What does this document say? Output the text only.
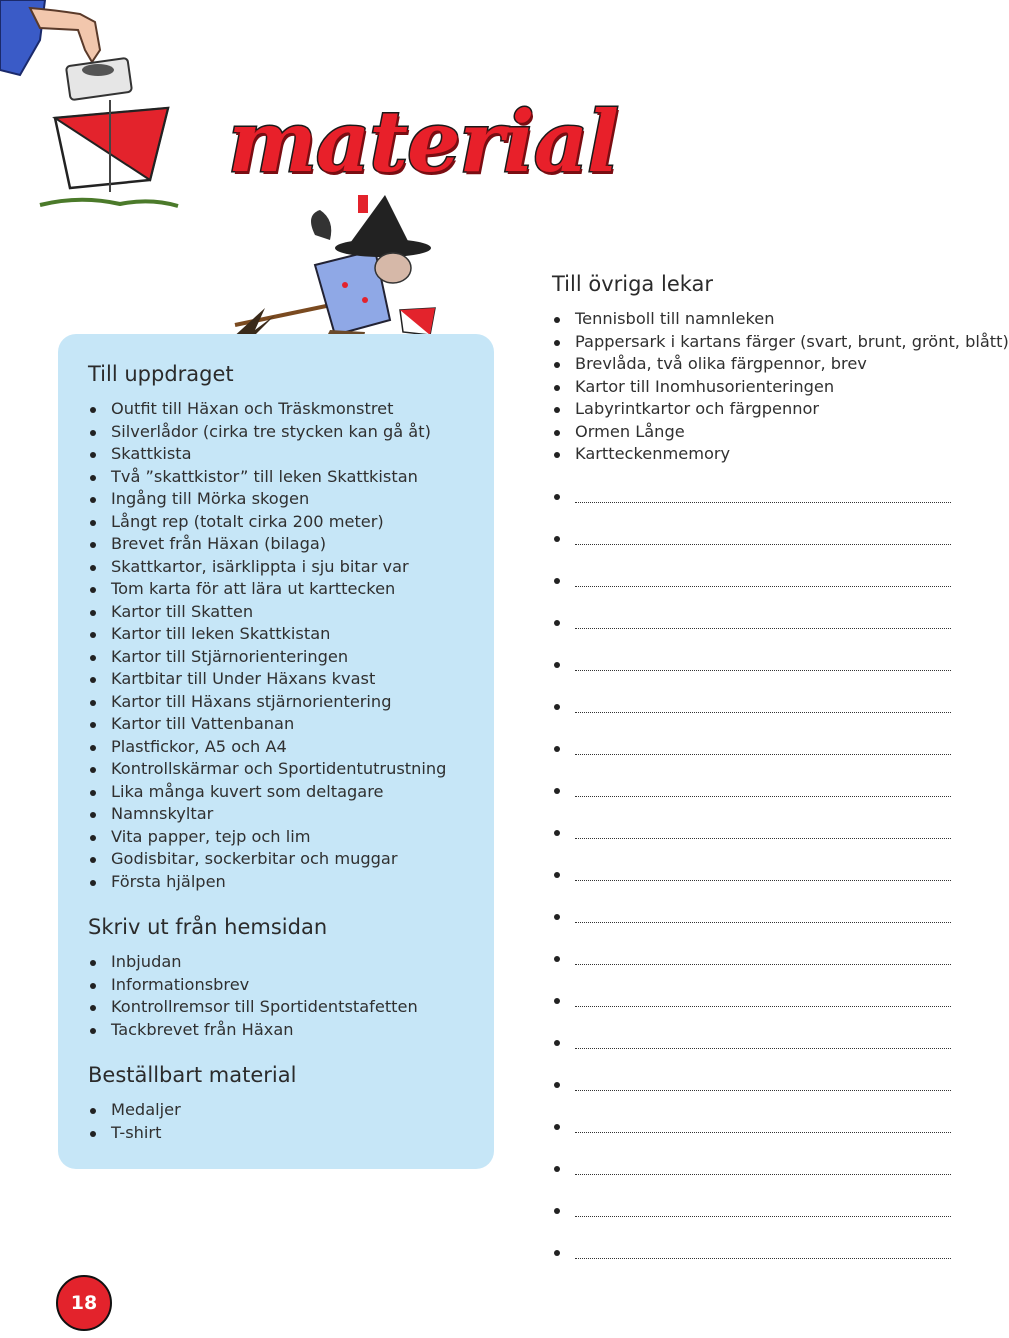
material
Till uppdraget
Outfit till Häxan och Träskmonstret
Silverlådor (cirka tre stycken kan gå åt)
Skattkista
Två ”skattkistor” till leken Skattkistan
Ingång till Mörka skogen
Långt rep (totalt cirka 200 meter)
Brevet från Häxan (bilaga)
Skattkartor, isärklippta i sju bitar var
Tom karta för att lära ut karttecken
Kartor till Skatten
Kartor till leken Skattkistan
Kartor till Stjärnorienteringen
Kartbitar till Under Häxans kvast
Kartor till Häxans stjärnorientering
Kartor till Vattenbanan
Plastfickor, A5 och A4
Kontrollskärmar och Sportidentutrustning
Lika många kuvert som deltagare
Namnskyltar
Vita papper, tejp och lim
Godisbitar, sockerbitar och muggar
Första hjälpen
Skriv ut från hemsidan
Inbjudan
Informationsbrev
Kontrollremsor till Sportidentstafetten
Tackbrevet från Häxan
Beställbart material
Medaljer
T-shirt
Till övriga lekar
Tennisboll till namnleken
Pappersark i kartans färger (svart, brunt, grönt, blått)
Brevlåda, två olika färgpennor, brev
Kartor till Inomhusorienteringen
Labyrintkartor och färgpennor
Ormen Långe
Kartteckenmemory
18
